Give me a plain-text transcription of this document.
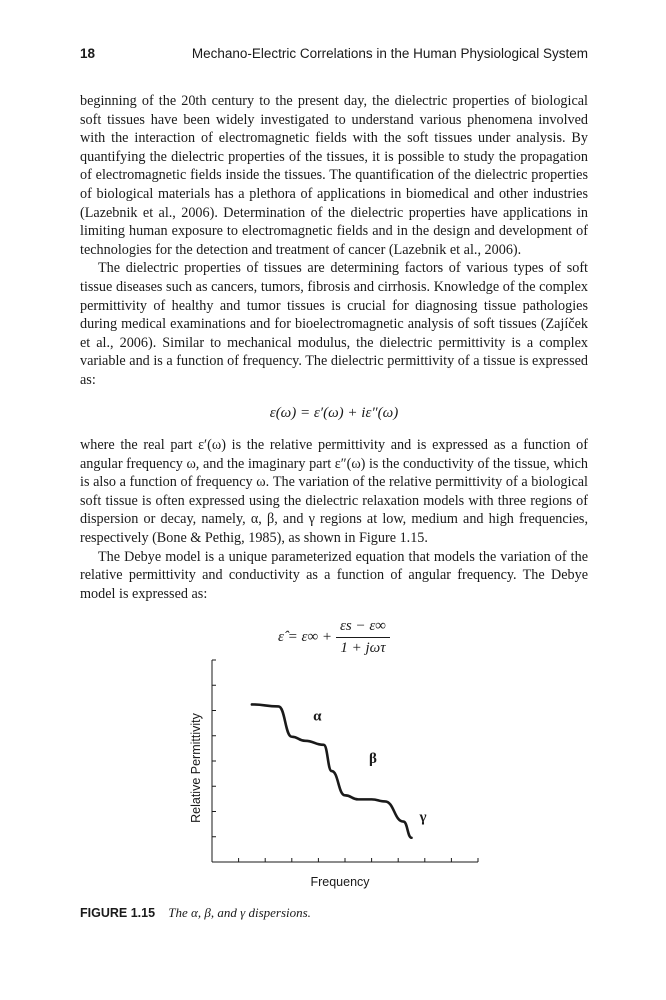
18	Mechano-Electric Correlations in the Human Physiological System

beginning of the 20th century to the present day, the dielectric properties of biological soft tissues have been widely investigated to understand various phenomena involved with the interaction of electromagnetic fields with the soft tissues under analysis. By quantifying the dielectric properties of the tissues, it is possible to study the propagation of electromagnetic fields inside the tissues. The quantification of the dielectric properties of biological materials has a plethora of applications in biomedical and other industries (Lazebnik et al., 2006). Determination of the dielectric properties have applications in limiting human exposure to electromagnetic fields and in the design and development of technologies for the detection and treatment of cancer (Lazebnik et al., 2006).

The dielectric properties of tissues are determining factors of various types of soft tissue diseases such as cancers, tumors, fibrosis and cirrhosis. Knowledge of the complex permittivity of healthy and tumor tissues is crucial for diagnosing tissue pathologies during medical examinations and for bioelectromagnetic analysis of soft tissues (Zajíček et al., 2006). Similar to mechanical modulus, the dielectric permittivity is a complex variable and is a function of frequency. The dielectric permittivity of a tissue is expressed as:

ε(ω) = ε′(ω) + iε″(ω)

where the real part ε′(ω) is the relative permittivity and is expressed as a function of angular frequency ω, and the imaginary part ε″(ω) is the conductivity of the tissue, which is also a function of frequency ω. The variation of the relative permittivity of a biological soft tissue is often expressed using the dielectric relaxation models with three regions of dispersion or decay, namely, α, β, and γ regions at low, medium and high frequencies, respectively (Bone & Pethig, 1985), as shown in Figure 1.15.

The Debye model is a unique parameterized equation that models the variation of the relative permittivity and conductivity as a function of angular frequency. The Debye model is expressed as:

ε̂ = $\varepsilon\infty + \frac{\varepsilon s - \varepsilon\infty}{\text{1 + jωτ}}$
α
β
γ
Frequency
Relative Permittivity
FIGURE 1.15 The α, β, and γ dispersions.
